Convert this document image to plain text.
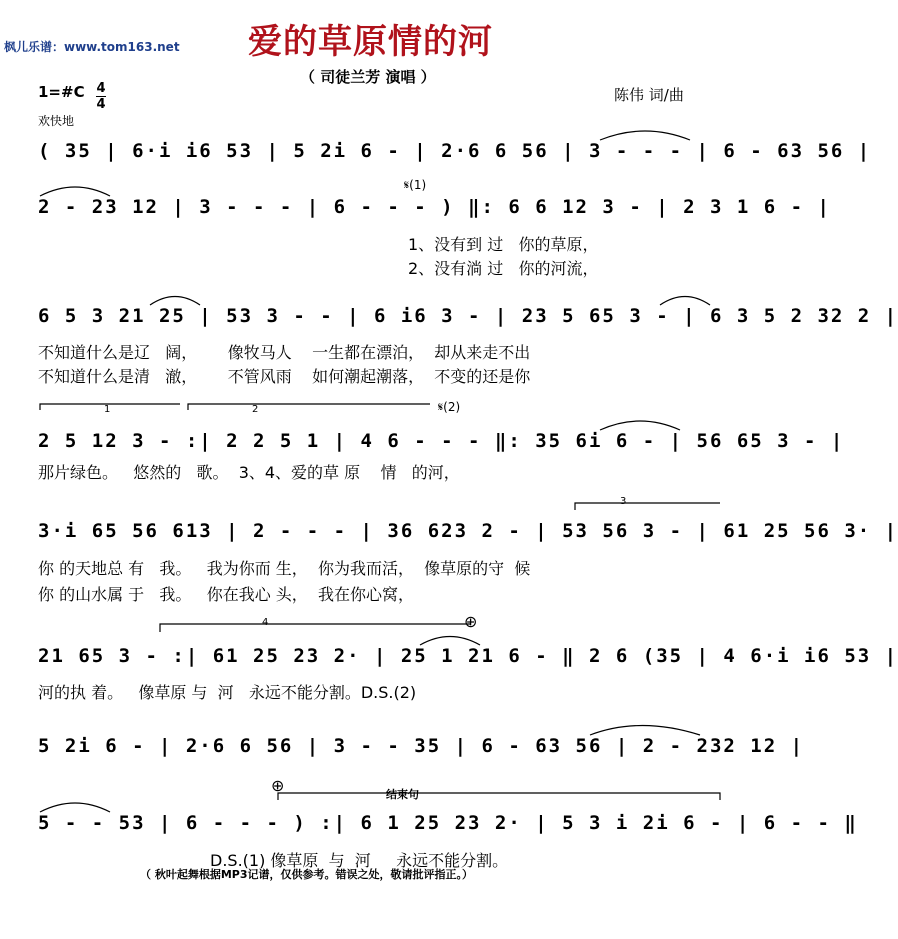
枫儿乐谱：www.tom163.net 爱的草原情的河
（ 司徒兰芳 演唱 ）
1=#C 4
4
欢快地
陈伟 词/曲
( 35 | 6·i i6 53 | 5 2i 6 - | 2·6 6 56 | 3 - - - | 6 - 63 56 |
2 - 23 12 | 3 - - - | 6 - - - ) ‖: 6 6 12 3 - | 2 3 1 6 - |
1、没有到 过   你的草原，
2、没有淌 过   你的河流，
6 5 3 21 25 | 53 3 - - | 6 i6 3 - | 23 5 65 3 - | 6 3 5 2 32 2 |
不知道什么是辽   阔，      像牧马人    一生都在漂泊，  却从来走不出
不知道什么是清   澈，      不管风雨    如何潮起潮落，  不变的还是你
2 5 12 3 - :| 2 2 5 1 | 4 6 - - - ‖: 35 6i 6 - | 56 65 3 - |
那片绿色。   悠然的   歌。  3、4、爱的草 原    情   的河，
3·i 65 56 613 | 2 - - - | 36 623 2 - | 53 56 3 - | 61 25 56 3· |
你 的天地总 有   我。   我为你而 生，  你为我而活，  像草原的守  候
你 的山水属 于   我。   你在我心 头，  我在你心窝，
21 65 3 - :| 61 25 23 2· | 25 1 21 6 - ‖ 2 6 (35 | 4 6·i i6 53 |
河的执 着。   像草原 与  河   永远不能分割。D.S.(2)
5 2i 6 - | 2·6 6 56 | 3 - - 35 | 6 - 63 56 | 2 - 232 12 |
5 - - 53 | 6 - - - ) :| 6 1 25 23 2· | 5 3 i 2i 6 - | 6 - - ‖
D.S.(1) 像草原  与  河     永远不能分割。
𝄋(1)
𝄋(2)
1	2
3
4	⊕
⊕	结束句
（ 秋叶起舞根据MP3记谱，仅供参考。错误之处，敬请批评指正。）
